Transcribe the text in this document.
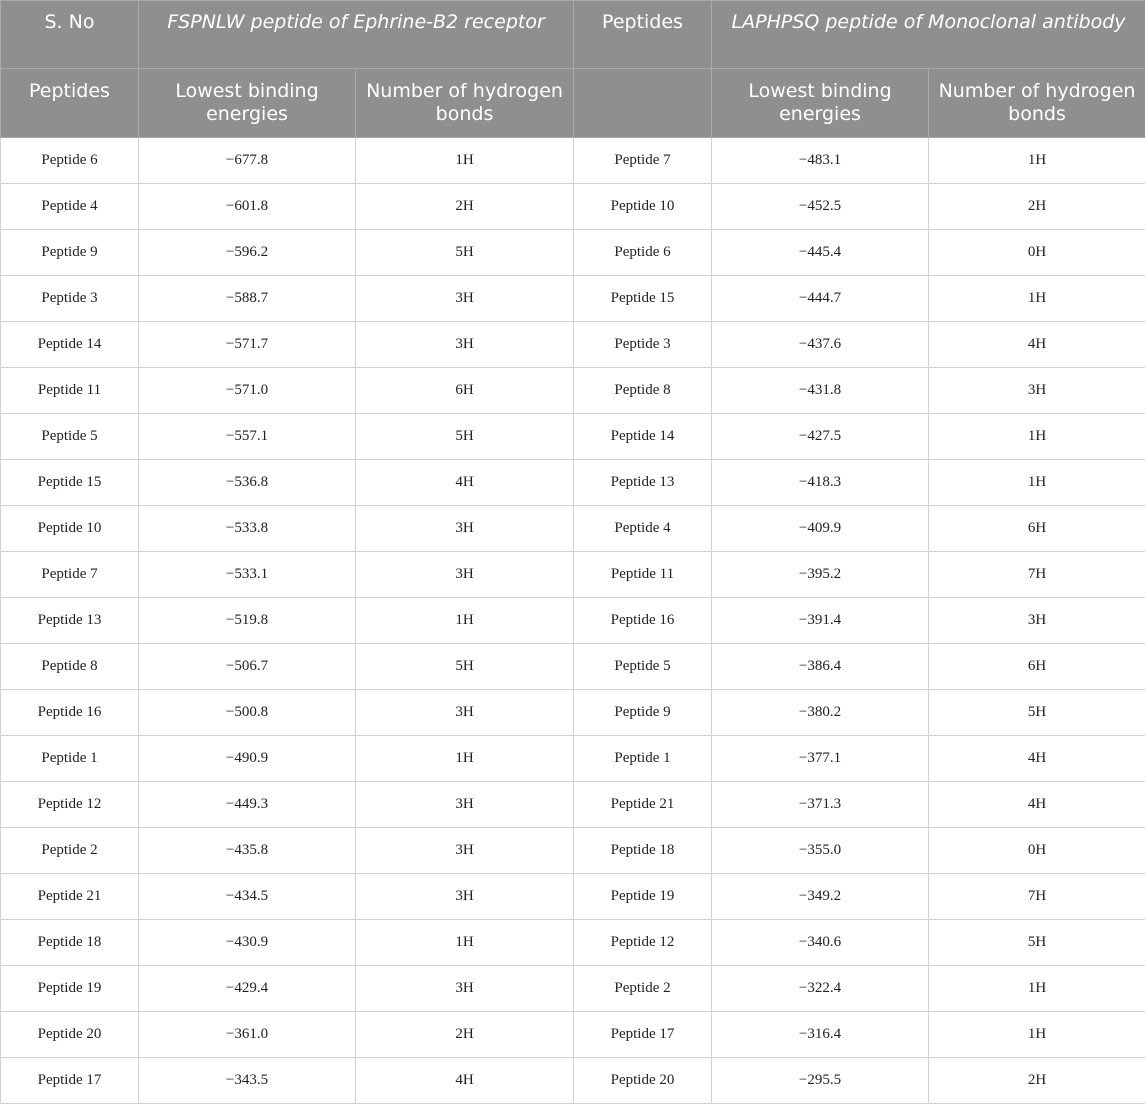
S. No	FSPNLW peptide of Ephrine-B2 receptor		Peptides	LAPHPSQ peptide of Monoclonal antibody	
Peptides	Lowest binding energies	Number of hydrogen bonds		Lowest binding energies	Number of hydrogen bonds
Peptide 6	−677.8	1H	Peptide 7	−483.1	1H
Peptide 4	−601.8	2H	Peptide 10	−452.5	2H
Peptide 9	−596.2	5H	Peptide 6	−445.4	0H
Peptide 3	−588.7	3H	Peptide 15	−444.7	1H
Peptide 14	−571.7	3H	Peptide 3	−437.6	4H
Peptide 11	−571.0	6H	Peptide 8	−431.8	3H
Peptide 5	−557.1	5H	Peptide 14	−427.5	1H
Peptide 15	−536.8	4H	Peptide 13	−418.3	1H
Peptide 10	−533.8	3H	Peptide 4	−409.9	6H
Peptide 7	−533.1	3H	Peptide 11	−395.2	7H
Peptide 13	−519.8	1H	Peptide 16	−391.4	3H
Peptide 8	−506.7	5H	Peptide 5	−386.4	6H
Peptide 16	−500.8	3H	Peptide 9	−380.2	5H
Peptide 1	−490.9	1H	Peptide 1	−377.1	4H
Peptide 12	−449.3	3H	Peptide 21	−371.3	4H
Peptide 2	−435.8	3H	Peptide 18	−355.0	0H
Peptide 21	−434.5	3H	Peptide 19	−349.2	7H
Peptide 18	−430.9	1H	Peptide 12	−340.6	5H
Peptide 19	−429.4	3H	Peptide 2	−322.4	1H
Peptide 20	−361.0	2H	Peptide 17	−316.4	1H
Peptide 17	−343.5	4H	Peptide 20	−295.5	2H
